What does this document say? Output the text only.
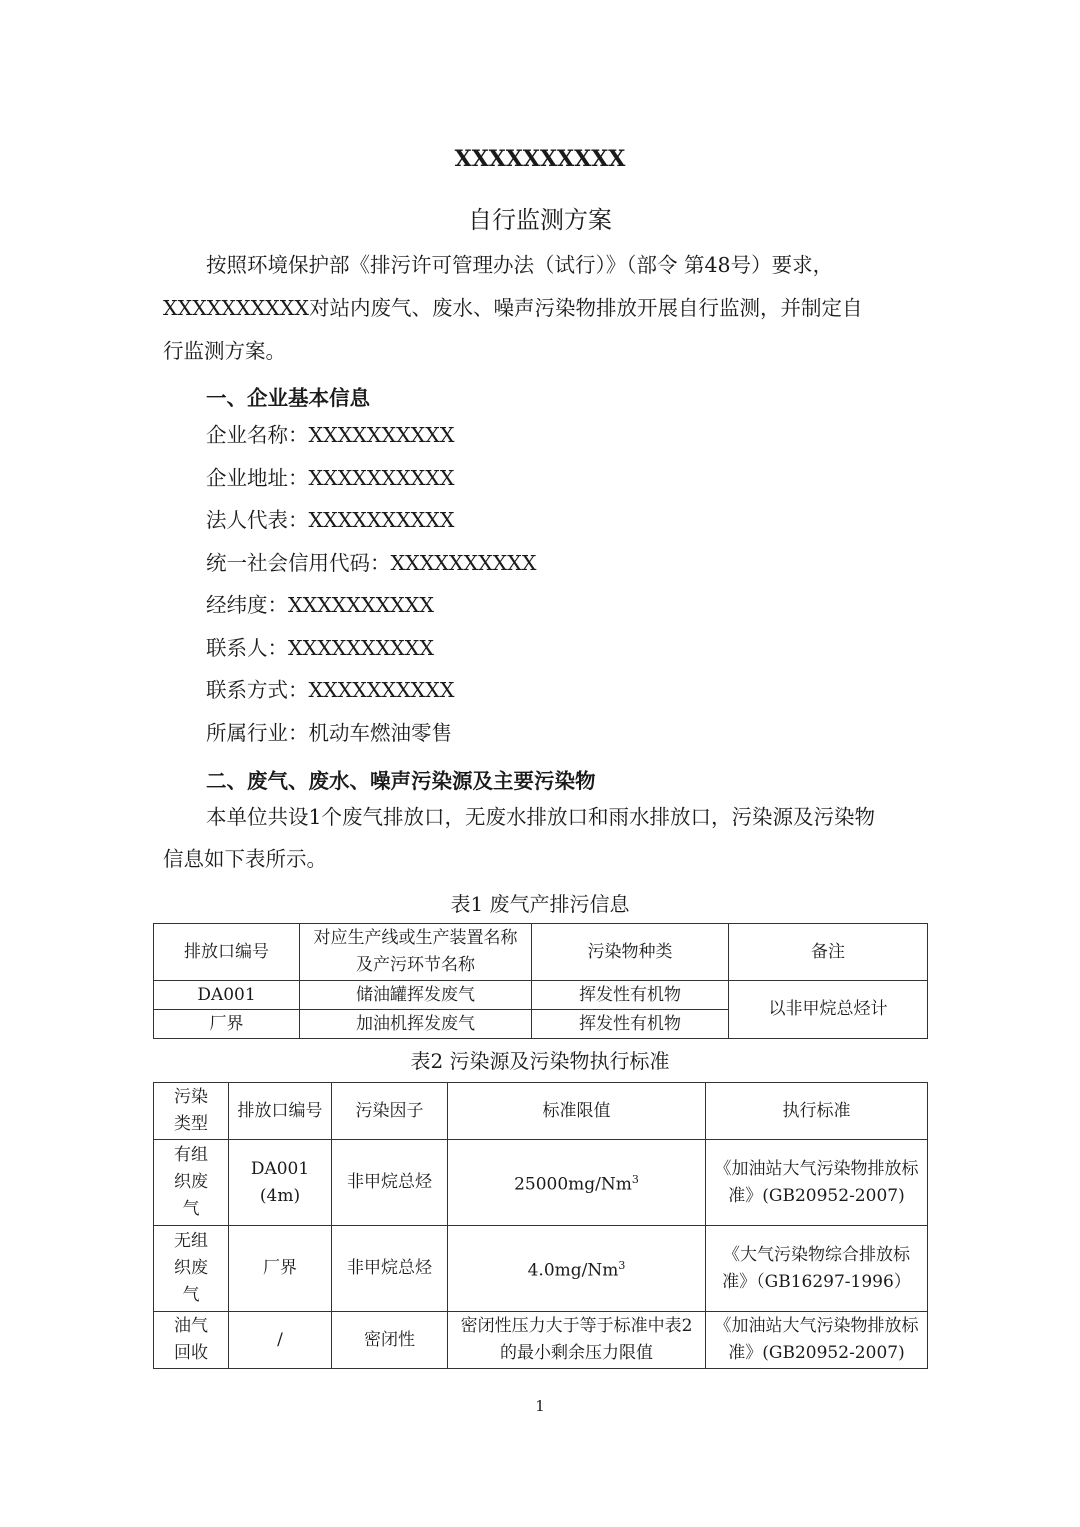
XXXXXXXXXX
自行监测方案
按照环境保护部《排污许可管理办法（试行）》（部令 第48号）要求，
XXXXXXXXXX对站内废气、废水、噪声污染物排放开展自行监测，并制定自
行监测方案。
一、企业基本信息
企业名称：XXXXXXXXXX
企业地址：XXXXXXXXXX
法人代表：XXXXXXXXXX
统一社会信用代码：XXXXXXXXXX
经纬度：XXXXXXXXXX
联系人：XXXXXXXXXX
联系方式：XXXXXXXXXX
所属行业：机动车燃油零售
二、废气、废水、噪声污染源及主要污染物
本单位共设1个废气排放口，无废水排放口和雨水排放口，污染源及污染物
信息如下表所示。
表1 废气产排污信息
排放口编号	对应生产线或生产装置名称及产污环节名称	污染物种类	备注
DA001	储油罐挥发废气	挥发性有机物	以非甲烷总烃计
厂界	加油机挥发废气	挥发性有机物	
表2 污染源及污染物执行标准
污染类型	排放口编号	污染因子	标准限值	执行标准

有组织废气	DA001 (4m)	非甲烷总烃	25000mg/Nm$^3$	《加油站大气污染物排放标准》(GB20952-2007)

无组织废气	厂界	非甲烷总烃	4.0mg/Nm$^3$	《大气污染物综合排放标准》（GB16297-1996）

油气回收	/	密闭性	密闭性压力大于等于标准中表2的最小剩余压力限值	《加油站大气污染物排放标准》(GB20952-2007)
1
